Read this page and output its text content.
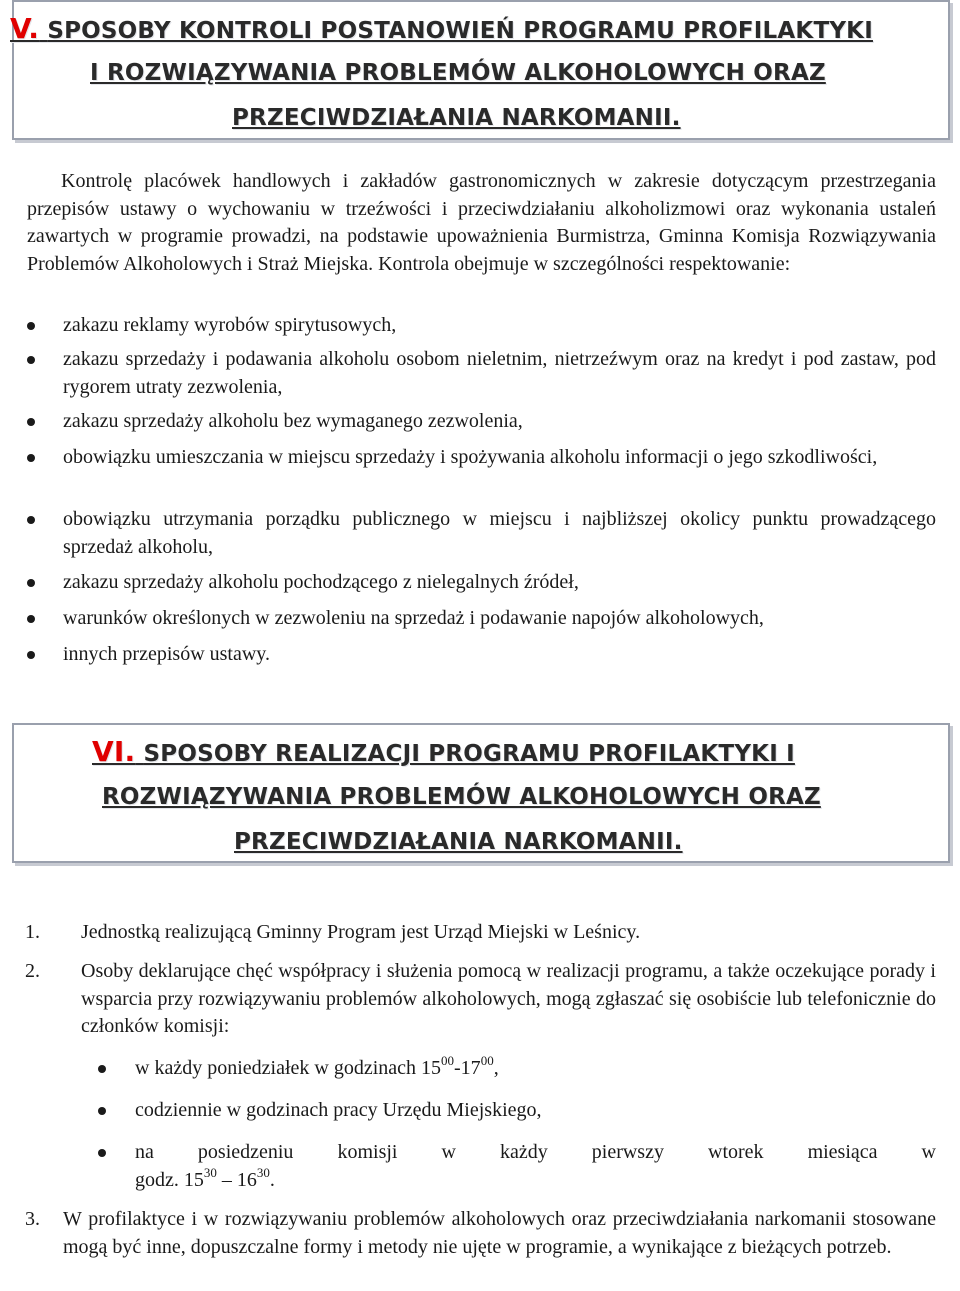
V. SPOSOBY KONTROLI POSTANOWIEŃ PROGRAMU PROFILAKTYKI
I ROZWIĄZYWANIA PROBLEMÓW ALKOHOLOWYCH ORAZ
PRZECIWDZIAŁANIA NARKOMANII.

Kontrolę placówek handlowych i zakładów gastronomicznych w zakresie dotyczącym przestrzegania przepisów ustawy o wychowaniu w trzeźwości i przeciwdziałaniu alkoholizmowi oraz wykonania ustaleń zawartych w programie prowadzi, na podstawie upoważnienia Burmistrza, Gminna Komisja Rozwiązywania Problemów Alkoholowych i Straż Miejska. Kontrola obejmuje w szczególności respektowanie:

zakazu reklamy wyrobów spirytusowych,
zakazu sprzedaży i podawania alkoholu osobom nieletnim, nietrzeźwym oraz na kredyt i pod zastaw, pod rygorem utraty zezwolenia,
zakazu sprzedaży alkoholu bez wymaganego zezwolenia,
obowiązku umieszczania w miejscu sprzedaży i spożywania alkoholu informacji o jego szkodliwości,
obowiązku utrzymania porządku publicznego w miejscu i najbliższej okolicy punktu prowadzącego sprzedaż alkoholu,
zakazu sprzedaży alkoholu pochodzącego z nielegalnych źródeł,
warunków określonych w zezwoleniu na sprzedaż i podawanie napojów alkoholowych,
innych przepisów ustawy.
VI. SPOSOBY REALIZACJI PROGRAMU PROFILAKTYKI I
ROZWIĄZYWANIA PROBLEMÓW ALKOHOLOWYCH ORAZ
PRZECIWDZIAŁANIA NARKOMANII.
1.	Jednostką realizującą Gminny Program jest Urząd Miejski w Leśnicy.
2.	Osoby deklarujące chęć współpracy i służenia pomocą w realizacji programu, a także oczekujące porady i wsparcia przy rozwiązywaniu problemów alkoholowych, mogą zgłaszać się osobiście lub telefonicznie do członków komisji:
w każdy poniedziałek w godzinach $15^{00}-17^{00}$,
codziennie w godzinach pracy Urzędu Miejskiego,
na posiedzeniu komisji w każdy pierwszy wtorek miesiąca w
godz. $15^{30} - 16^{30}$.
3.	W profilaktyce i w rozwiązywaniu problemów alkoholowych oraz przeciwdziałania narkomanii stosowane mogą być inne, dopuszczalne formy i metody nie ujęte w programie, a wynikające z bieżących potrzeb.
